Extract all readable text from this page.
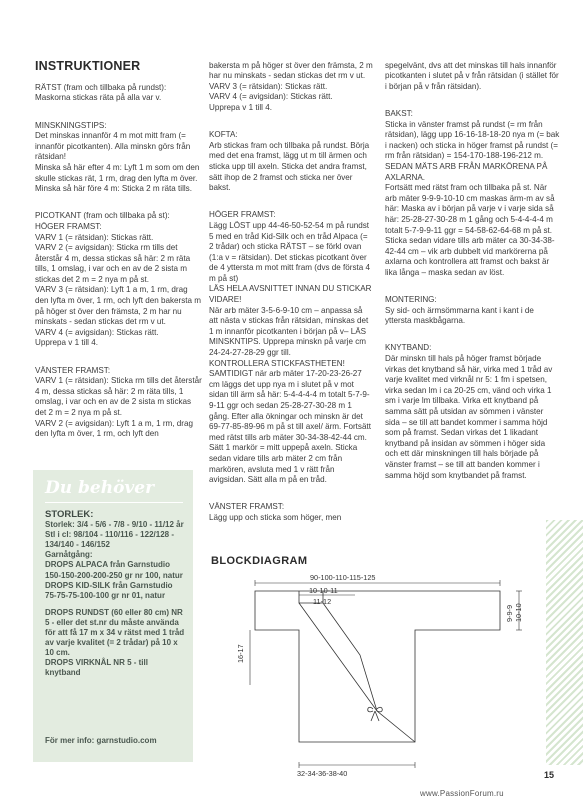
INSTRUKTIONER

RÄTST (fram och tillbaka på rundst):
Maskorna stickas räta på alla var v.

MINSKNINGSTIPS:
Det minskas innanför 4 m mot mitt fram (= innanför picotkanten). Alla minskn görs från rätsidan!
Minska så här efter 4 m: Lyft 1 m som om den skulle stickas rät, 1 rm, drag den lyfta m över.
Minska så här före 4 m: Sticka 2 m räta tills.

PICOTKANT (fram och tillbaka på st):
HÖGER FRAMST:
VARV 1 (= rätsidan): Stickas rätt.
VARV 2 (= avigsidan): Sticka rm tills det återstår 4 m, dessa stickas så här: 2 m räta tills, 1 omslag, i var och en av de 2 sista m stickas det 2 m = 2 nya m på st.
VARV 3 (= rätsidan): Lyft 1 a m, 1 rm, drag den lyfta m över, 1 rm, och lyft den bakersta m på höger st över den främsta, 2 m har nu minskats - sedan stickas det rm v ut.
VARV 4 (= avigsidan): Stickas rätt.
Upprepa v 1 till 4.

VÄNSTER FRAMST:
VARV 1 (= rätsidan): Sticka rm tills det återstår 4 m, dessa stickas så här: 2 m räta tills, 1 omslag, i var och en av de 2 sista m stickas det 2 m = 2 nya m på st.
VARV 2 (= avigsidan): Lyft 1 a m, 1 rm, drag den lyfta m över, 1 rm, och lyft den

bakersta m på höger st över den främsta, 2 m har nu minskats - sedan stickas det rm v ut.
VARV 3 (= rätsidan): Stickas rätt.
VARV 4 (= avigsidan): Stickas rätt.
Upprepa v 1 till 4.

KOFTA:
Arb stickas fram och tillbaka på rundst. Börja med det ena framst, lägg ut m till ärmen och sticka upp till axeln. Sticka det andra framst, sätt ihop de 2 framst och sticka ner över bakst.

HÖGER FRAMST:
Lägg LÖST upp 44-46-50-52-54 m på rundst 5 med en tråd Kid-Silk och en tråd Alpaca (= 2 trådar) och sticka RÄTST – se förkl ovan (1:a v = rätsidan). Det stickas picotkant över de 4 yttersta m mot mitt fram (dvs de första 4 m på st)
LÄS HELA AVSNITTET INNAN DU STICKAR VIDARE!
När arb mäter 3-5-6-9-10 cm – anpassa så att nästa v stickas från rätsidan, minskas det 1 m innanför picotkanten i början på v– LÄS MINSKNTIPS. Upprepa minskn på varje cm 24-24-27-28-29 ggr till.
KONTROLLERA STICKFASTHETEN!
SAMTIDIGT när arb mäter 17-20-23-26-27 cm läggs det upp nya m i slutet på v mot sidan till ärm så här: 5-4-4-4-4 m totalt 5-7-9-9-11 ggr och sedan 25-28-27-30-28 m 1 gång. Efter alla ökningar och minskn är det 69-77-85-89-96 m på st till axel/ ärm. Fortsätt med rätst tills arb mäter 30-34-38-42-44 cm. Sätt 1 markör = mitt uppepå axeln. Sticka sedan vidare tills arb mäter 2 cm från markören, avsluta med 1 v rätt från avigsidan. Sätt alla m på en tråd.

VÄNSTER FRAMST:
Lägg upp och sticka som höger, men

spegelvänt, dvs att det minskas till hals innanför picotkanten i slutet på v från rätsidan (i stället för i början på v från rätsidan).

BAKST:
Sticka in vänster framst på rundst (= rm från rätsidan), lägg upp 16-16-18-18-20 nya m (= bak i nacken) och sticka in höger framst på rundst (= rm från rätsidan) = 154-170-188-196-212 m.
SEDAN MÄTS ARB FRÅN MARKÖRENA PÅ AXLARNA.
Fortsätt med rätst fram och tillbaka på st. När arb mäter 9-9-9-10-10 cm maskas ärm-m av så här: Maska av i början på varje v i varje sida så här: 25-28-27-30-28 m 1 gång och 5-4-4-4-4 m totalt 5-7-9-9-11 ggr = 54-58-62-64-68 m på st. Sticka sedan vidare tills arb mäter ca 30-34-38-42-44 cm – vik arb dubbelt vid markörerna på axlarna och kontrollera att framst och bakst är lika långa – maska sedan av löst.

MONTERING:
Sy sid- och ärmsömmarna kant i kant i de yttersta maskbågarna.

KNYTBAND:
Där minskn till hals på höger framst började virkas det knytband så här, virka med 1 tråd av varje kvalitet med virknål nr 5: 1 fm i spetsen, virka sedan lm i ca 20-25 cm, vänd och virka 1 sm i varje lm tillbaka. Virka ett knytband på samma sätt på utsidan av sömmen i vänster sida – se till att bandet kommer i samma höjd som på framst. Sedan virkas det 1 likadant knytband på insidan av sömmen i höger sida och ett där minskningen till hals började på vänster framst – se till att banden kommer i samma höjd som knytbandet på framst.

Du behöver

STORLEK:

Storlek: 3/4 - 5/6 - 7/8 - 9/10 - 11/12 år
Stl i cl: 98/104 - 110/116 - 122/128 - 134/140 - 146/152
Garnåtgång:
DROPS ALPACA från Garnstudio 150-150-200-200-250 gr nr 100, natur
DROPS KID-SILK från Garnstudio 75-75-75-100-100 gr nr 01, natur

DROPS RUNDST (60 eller 80 cm) NR 5 - eller det st.nr du måste använda för att få 17 m x 34 v rätst med 1 tråd av varje kvalitet (= 2 trådar) på 10 x 10 cm.
DROPS VIRKNÅL NR 5 - till knytband

För mer info: garnstudio.com
BLOCKDIAGRAM
90-100-110-115-125
10-10-11
11-12
9-9-910-10
16-17
32-34-36-38-40	15
www.PassionForum.ru
